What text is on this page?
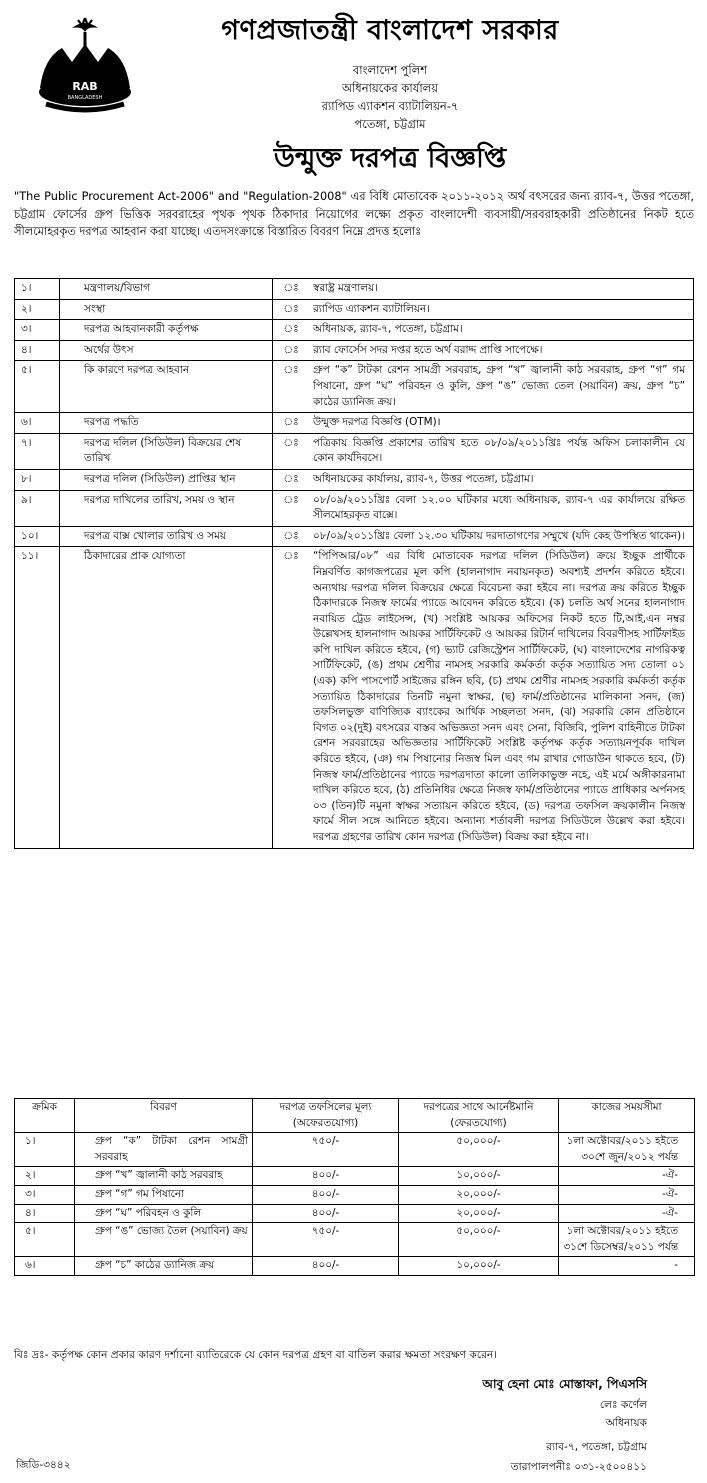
RAB
BANGLADESH
গণপ্রজাতন্ত্রী বাংলাদেশ সরকার
বাংলাদেশ পুলিশ
অধিনায়কের কার্যালয়
র‌্যাপিড এ্যাকশন ব্যাটালিয়ন-৭
পতেঙ্গা, চট্টগ্রাম
উন্মুক্ত দরপত্র বিজ্ঞপ্তি
"The Public Procurement Act-2006" and "Regulation-2008" এর বিধি মোতাবেক ২০১১-২০১২ অর্থ বৎসরের জন্য র‌্যাব-৭, উত্তর পতেঙ্গা, চট্টগ্রাম ফোর্সের গ্রুপ ভিত্তিক সরবরাহের পৃথক পৃথক ঠিকাদার নিয়োগের লক্ষ্যে প্রকৃত বাংলাদেশী ব্যবসায়ী/সরবরাহকারী প্রতিষ্ঠানের নিকট হতে সীলমোহরকৃত দরপত্র আহবান করা যাচ্ছে। এতদসংক্রান্তে বিস্তারিত বিবরণ নিম্নে প্রদত্ত হলোঃ
১।	মন্ত্রণালয়/বিভাগ	ঃ	স্বরাষ্ট্র মন্ত্রণালয়।
২।	সংস্থা	ঃ	র‌্যাপিড এ্যাকশন ব্যাটালিয়ন।
৩।	দরপত্র আহবানকারী কর্তৃপক্ষ	ঃ	অধিনায়ক, র‌্যাব-৭, পতেঙ্গা, চট্টগ্রাম।
৪।	অর্থের উৎস	ঃ	র‌্যাব ফোর্সেস সদর দপ্তর হতে অর্থ বরাদ্দ প্রাপ্তি সাপেক্ষে।
৫।	কি কারণে দরপত্র আহবান	ঃ	গ্রুপ “ক” টাটকা রেশন সামগ্রী সরবরাহ, গ্রুপ “খ” জ্বালানী কাঠ সরবরাহ, গ্রুপ “গ” গম পিষানো, গ্রুপ “ঘ” পরিবহন ও কুলি, গ্রুপ “ঙ” ভোজ্য তেল (সয়াবিন) ক্রয়, গ্রুপ “চ” কাঠের ড্যানিজ ক্রয়।
৬।	দরপত্র পদ্ধতি	ঃ	উন্মুক্ত দরপত্র বিজ্ঞপ্তি (OTM)।
৭।	দরপত্র দলিল (সিডিউল) বিক্রয়ের শেষ তারিখ	ঃ	পত্রিকায় বিজ্ঞপ্তি প্রকাশের তারিখ হতে ০৮/০৯/২০১১খ্রিঃ পর্যন্ত অফিস চলাকালীন যে কোন কার্যদিবসে।
৮।	দরপত্র দলিল (সিডিউল) প্রাপ্তির স্থান	ঃ	অধিনায়কের কার্যালয়, র‌্যাব-৭, উত্তর পতেঙ্গা, চট্টগ্রাম।
৯।	দরপত্র দাখিলের তারিখ, সময় ও স্থান	ঃ	০৮/০৯/২০১১খ্রিঃ বেলা ১২.০০ ঘটিকার মধ্যে অধিনায়ক, র‌্যাব-৭ এর কার্যালয়ে রক্ষিত সীলমোহরকৃত বাক্সে।
১০।	দরপত্র বাক্স খোলার তারিখ ও সময়	ঃ	০৮/০৯/২০১১খ্রিঃ বেলা ১২.৩০ ঘটিকায় দরদাতাগণের সম্মুখে (যদি কেহ উপস্থিত থাকেন)।
১১।	ঠিকাদারের প্রাক যোগ্যতা	ঃ	“পিপিআর/০৮” এর বিধি মোতাবেক দরপত্র দলিল (সিডিউল) ক্রয়ে ইচ্ছুক প্রার্থীকে নিম্নবর্ণিত কাগজপত্রের মূল কপি (হালনাগাদ নবায়নকৃত) অবশ্যই প্রদর্শন করিতে হইবে। অন্যথায় দরপত্র দলিল বিক্রয়ের ক্ষেত্রে বিবেচনা করা হইবে না। দরপত্র ক্রয় করিতে ইচ্ছুক ঠিকাদারকে নিজস্ব ফার্মের প্যাডে আবেদন করিতে হইবে। (ক) চলতি অর্থ সনের হালনাগাদ নবায়িত ট্রেড লাইসেন্স, (খ) সংশ্লিষ্ট আয়কর অফিসের নিকট হতে টি,আই,এন নম্বর উল্লেখসহ হালনাগাদ আয়কর সার্টিফিকেট ও আয়কর রিটার্ন দাখিলের বিবরণীসহ সার্টিফাইড কপি দাখিল করিতে হইবে, (গ) ভ্যাট রেজিস্ট্রেশন সার্টিফিকেট, (ঘ) বাংলাদেশের নাগরিকত্ব সার্টিফিকেট, (ঙ) প্রথম শ্রেণীর নামসহ সরকারি কর্মকর্তা কর্তৃক সত্যায়িত সদ্য তোলা ০১ (এক) কপি পাসপোর্ট সাইজের রঙ্গিন ছবি, (চ) প্রথম শ্রেণীর নামসহ সরকারি কর্মকর্তা কর্তৃক সত্যায়িত ঠিকাদারের তিনটি নমুনা স্বাক্ষর, (ছ) ফার্ম/প্রতিষ্ঠানের মালিকানা সনদ, (জ) তফসিলভুক্ত বাণিজ্যিক ব্যাংকের আর্থিক সচ্ছলতা সনদ, (ঝ) সরকারি কোন প্রতিষ্ঠানে বিগত ০২(দুই) বৎসরের বাস্তব অভিজ্ঞতা সনদ এবং সেনা, বিজিবি, পুলিশ বাহিনীতে টাটকা রেশন সরবরাহের অভিজ্ঞতার সার্টিফিকেট সংশ্লিষ্ট কর্তৃপক্ষ কর্তৃক সত্যায়নপূর্বক দাখিল করিতে হইবে, (ঞ) গম পিষানোর নিজস্ব মিল এবং গম রাখার গোডাউন থাকতে হবে, (ট) নিজস্ব ফার্ম/প্রতিষ্ঠানের প্যাডে দরপত্রদাতা কালো তালিকাভুক্ত নহে, এই মর্মে অঙ্গীকারনামা দাখিল করিতে হবে, (ঠ) প্রতিনিধির ক্ষেত্রে নিজস্ব ফার্ম/প্রতিষ্ঠানের প্যাডে প্রাধিকার অর্পনসহ ০৩ (তিন)টি নমুনা স্বাক্ষর সত্যায়ন করিতে হইবে, (ড) দরপত্র তফসিল ক্রয়কালীন নিজস্ব ফার্মে সীল সঙ্গে আনিতে হইবে। অন্যান্য শর্তাবলী দরপত্র সিডিউলে উল্লেখ করা হইবে। দরপত্র গ্রহণের তারিখ কোন দরপত্র (সিডিউল) বিক্রয় করা হইবে না।
ক্রমিক	বিবরণ	দরপত্র তফসিলের মূল্য (অফেরতযোগ্য)	দরপত্রের সাথে আর্নেষ্টমানি (ফেরতযোগ্য)	কাজের সময়সীমা
১।	গ্রুপ “ক” টাটকা রেশন সামগ্রী সরবরাহ	৭৫০/-	৫০,০০০/-	১লা অক্টোবর/২০১১ হইতে ৩০শে জুন/২০১২ পর্যন্ত
২।	গ্রুপ “খ” জ্বালানী কাঠ সরবরাহ	৪০০/-	১০,০০০/-	-ঐ-
৩।	গ্রুপ “গ” গম পিষানো	৪০০/-	২০,০০০/-	-ঐ-
৪।	গ্রুপ “ঘ” পরিবহন ও কুলি	৪০০/-	২০,০০০/-	-ঐ-
৫।	গ্রুপ “ঙ” ভোজ্য তৈল (সয়াবিন) ক্রয়	৭৫০/-	৫০,০০০/-	১লা অক্টোবর/২০১১ হইতে ৩১শে ডিসেম্বর/২০১১ পর্যন্ত
৬।	গ্রুপ “চ” কাঠের ড্যানিজ ক্রয়	৪০০/-	১০,০০০/-	-
বিঃ দ্রঃ- কর্তৃপক্ষ কোন প্রকার কারণ দর্শানো ব্যাতিরেকে যে কোন দরপত্র গ্রহণ বা বাতিল করার ক্ষমতা সংরক্ষণ করেন।
আবু হেনা মোঃ মোস্তাফা, পিএসসি
লেঃ কর্ণেল
অধিনায়ক
র‌্যাব-৭, পতেঙ্গা, চট্টগ্রাম
তারাপালপনীঃ ০৩১-২৫০০৪১১
জিডি-৩৪৪২
